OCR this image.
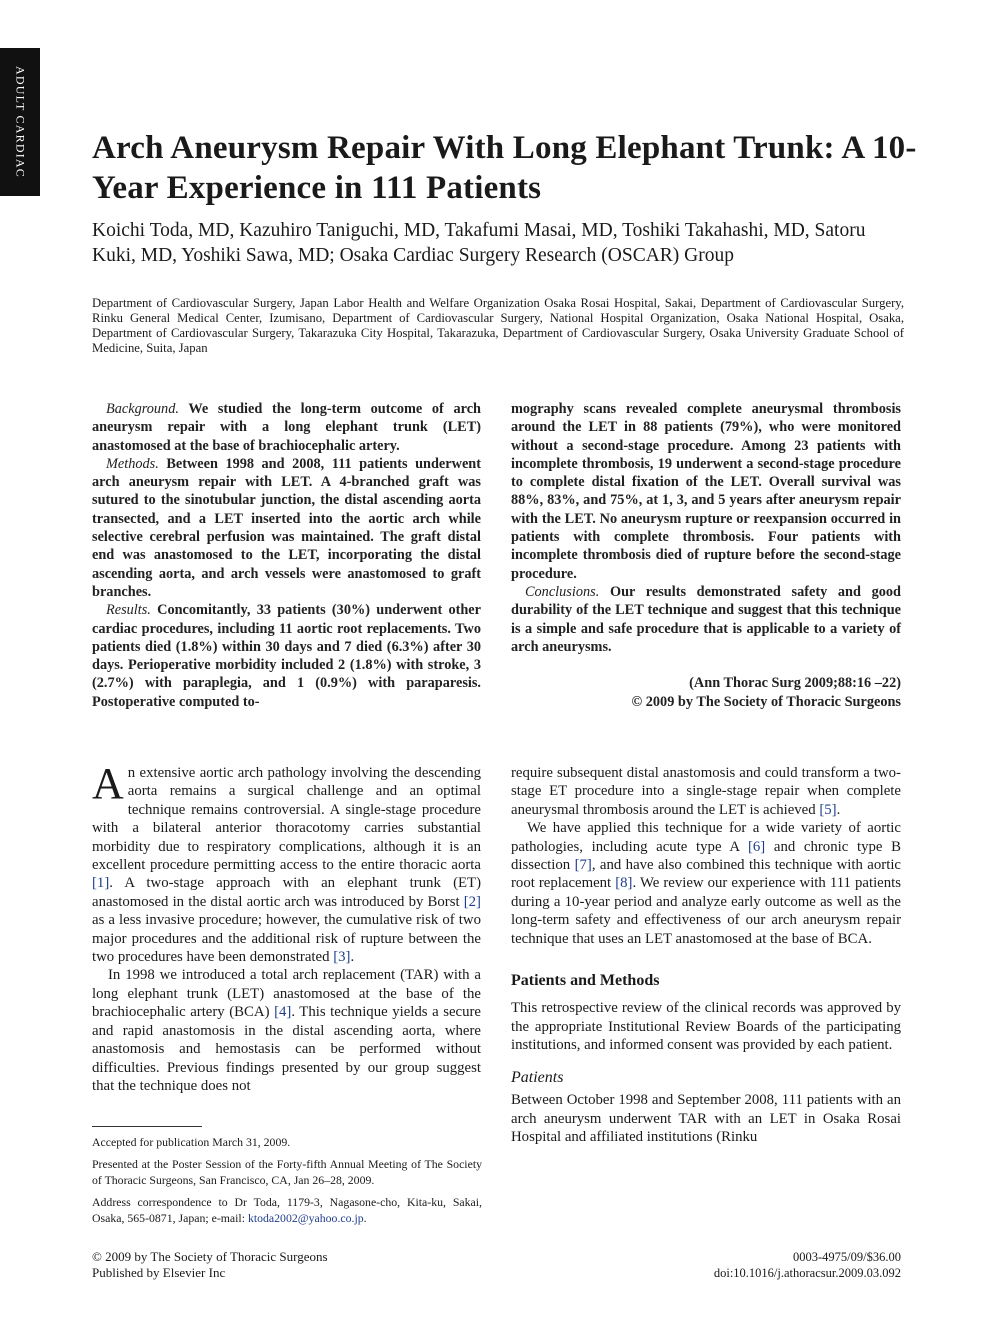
ADULT CARDIAC Arch Aneurysm Repair With Long Elephant Trunk: A 10-Year Experience in 111 Patients
Koichi Toda, MD, Kazuhiro Taniguchi, MD, Takafumi Masai, MD, Toshiki Takahashi, MD, Satoru Kuki, MD, Yoshiki Sawa, MD; Osaka Cardiac Surgery Research (OSCAR) Group
Department of Cardiovascular Surgery, Japan Labor Health and Welfare Organization Osaka Rosai Hospital, Sakai, Department of Cardiovascular Surgery, Rinku General Medical Center, Izumisano, Department of Cardiovascular Surgery, National Hospital Organization, Osaka National Hospital, Osaka, Department of Cardiovascular Surgery, Takarazuka City Hospital, Takarazuka, Department of Cardiovascular Surgery, Osaka University Graduate School of Medicine, Suita, Japan

Background. We studied the long-term outcome of arch aneurysm repair with a long elephant trunk (LET) anastomosed at the base of brachiocephalic artery.

Methods. Between 1998 and 2008, 111 patients underwent arch aneurysm repair with LET. A 4-branched graft was sutured to the sinotubular junction, the distal ascending aorta transected, and a LET inserted into the aortic arch while selective cerebral perfusion was maintained. The graft distal end was anastomosed to the LET, incorporating the distal ascending aorta, and arch vessels were anastomosed to graft branches.

Results. Concomitantly, 33 patients (30%) underwent other cardiac procedures, including 11 aortic root replacements. Two patients died (1.8%) within 30 days and 7 died (6.3%) after 30 days. Perioperative morbidity included 2 (1.8%) with stroke, 3 (2.7%) with paraplegia, and 1 (0.9%) with paraparesis. Postoperative computed to-

mography scans revealed complete aneurysmal thrombosis around the LET in 88 patients (79%), who were monitored without a second-stage procedure. Among 23 patients with incomplete thrombosis, 19 underwent a second-stage procedure to complete distal fixation of the LET. Overall survival was 88%, 83%, and 75%, at 1, 3, and 5 years after aneurysm repair with the LET. No aneurysm rupture or reexpansion occurred in patients with complete thrombosis. Four patients with incomplete thrombosis died of rupture before the second-stage procedure.

Conclusions. Our results demonstrated safety and good durability of the LET technique and suggest that this technique is a simple and safe procedure that is applicable to a variety of arch aneurysms.

(Ann Thorac Surg 2009;88:16 –22)
© 2009 by The Society of Thoracic Surgeons

An extensive aortic arch pathology involving the descending aorta remains a surgical challenge and an optimal technique remains controversial. A single-stage procedure with a bilateral anterior thoracotomy carries substantial morbidity due to respiratory complications, although it is an excellent procedure permitting access to the entire thoracic aorta [1]. A two-stage approach with an elephant trunk (ET) anastomosed in the distal aortic arch was introduced by Borst [2] as a less invasive procedure; however, the cumulative risk of two major procedures and the additional risk of rupture between the two procedures have been demonstrated [3].

In 1998 we introduced a total arch replacement (TAR) with a long elephant trunk (LET) anastomosed at the base of the brachiocephalic artery (BCA) [4]. This technique yields a secure and rapid anastomosis in the distal ascending aorta, where anastomosis and hemostasis can be performed without difficulties. Previous findings presented by our group suggest that the technique does not

require subsequent distal anastomosis and could transform a two-stage ET procedure into a single-stage repair when complete aneurysmal thrombosis around the LET is achieved [5].

We have applied this technique for a wide variety of aortic pathologies, including acute type A [6] and chronic type B dissection [7], and have also combined this technique with aortic root replacement [8]. We review our experience with 111 patients during a 10-year period and analyze early outcome as well as the long-term safety and effectiveness of our arch aneurysm repair technique that uses an LET anastomosed at the base of BCA.

Patients and Methods

This retrospective review of the clinical records was approved by the appropriate Institutional Review Boards of the participating institutions, and informed consent was provided by each patient.

Patients

Between October 1998 and September 2008, 111 patients with an arch aneurysm underwent TAR with an LET in Osaka Rosai Hospital and affiliated institutions (Rinku

Accepted for publication March 31, 2009.

Presented at the Poster Session of the Forty-fifth Annual Meeting of The Society of Thoracic Surgeons, San Francisco, CA, Jan 26–28, 2009.

Address correspondence to Dr Toda, 1179-3, Nagasone-cho, Kita-ku, Sakai, Osaka, 565-0871, Japan; e-mail: ktoda2002@yahoo.co.jp.

© 2009 by The Society of Thoracic Surgeons
Published by Elsevier Inc
0003-4975/09/$36.00
doi:10.1016/j.athoracsur.2009.03.092
